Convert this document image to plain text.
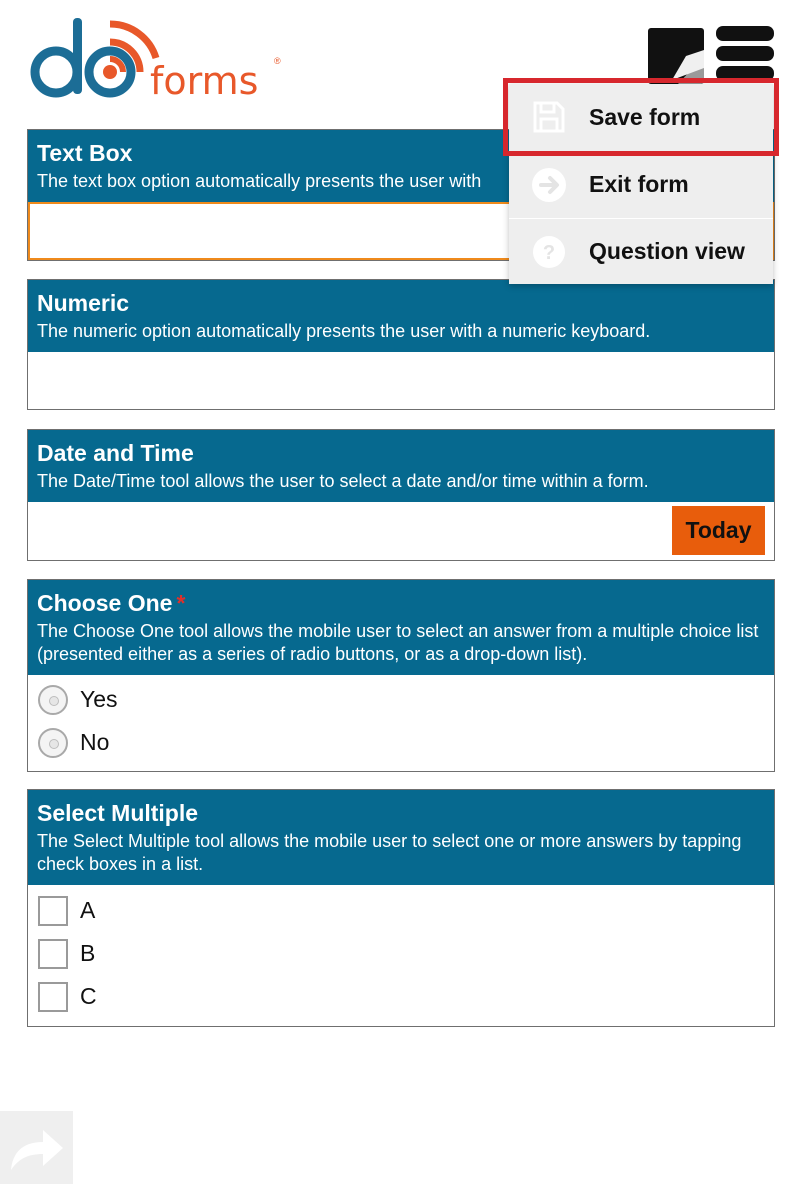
forms ®
Text Box
The text box option automatically presents the user with
Numeric
The numeric option automatically presents the user with a numeric keyboard.
Date and Time
The Date/Time tool allows the user to select a date and/or time within a form.
Today
Choose One *
The Choose One tool allows the mobile user to select an answer from a multiple choice list (presented either as a series of radio buttons, or as a drop-down list).
Yes
No
Select Multiple
The Select Multiple tool allows the mobile user to select one or more answers by tapping check boxes in a list.
A
B
C
Save form
Exit form
? Question view
